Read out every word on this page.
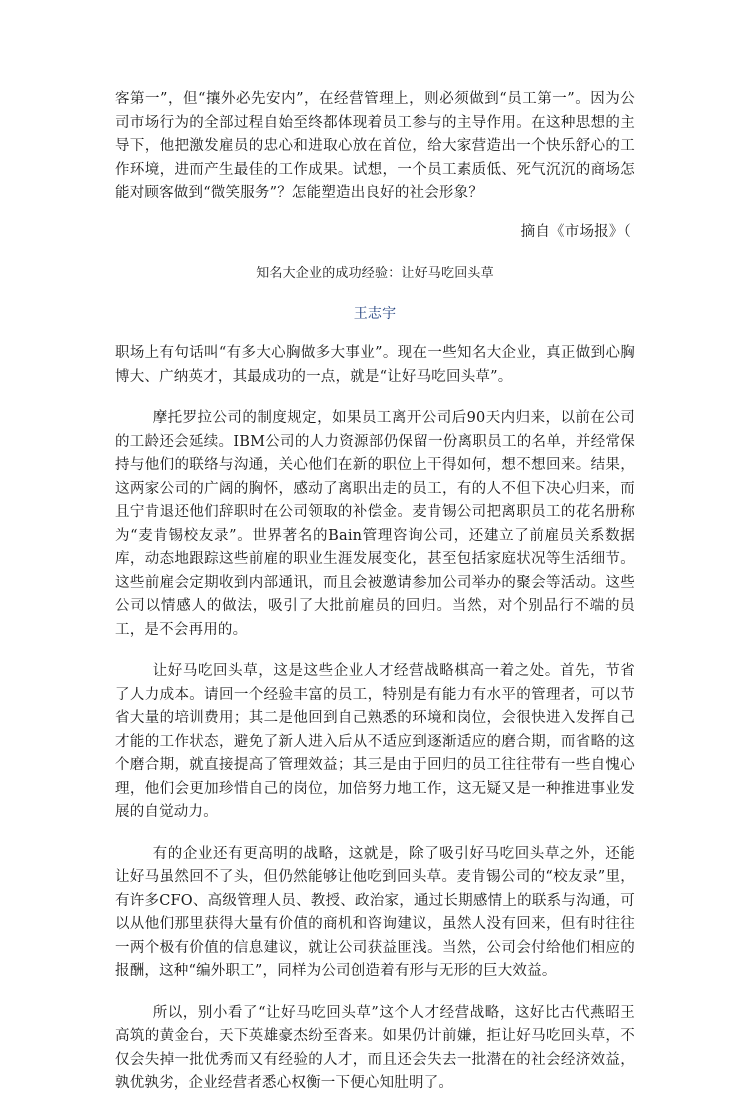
客第一”，但“攘外必先安内”，在经营管理上，则必须做到“员工第一”。因为公司市场行为的全部过程自始至终都体现着员工参与的主导作用。在这种思想的主导下，他把激发雇员的忠心和进取心放在首位，给大家营造出一个快乐舒心的工作环境，进而产生最佳的工作成果。试想，一个员工素质低、死气沉沉的商场怎能对顾客做到“微笑服务”？怎能塑造出良好的社会形象？

摘自《市场报》（

知名大企业的成功经验：让好马吃回头草

王志宇

职场上有句话叫“有多大心胸做多大事业”。现在一些知名大企业，真正做到心胸博大、广纳英才，其最成功的一点，就是“让好马吃回头草”。

摩托罗拉公司的制度规定，如果员工离开公司后90天内归来，以前在公司的工龄还会延续。IBM公司的人力资源部仍保留一份离职员工的名单，并经常保持与他们的联络与沟通，关心他们在新的职位上干得如何，想不想回来。结果，这两家公司的广阔的胸怀，感动了离职出走的员工，有的人不但下决心归来，而且宁肯退还他们辞职时在公司领取的补偿金。麦肯锡公司把离职员工的花名册称为“麦肯锡校友录”。世界著名的Bain管理咨询公司，还建立了前雇员关系数据库，动态地跟踪这些前雇的职业生涯发展变化，甚至包括家庭状况等生活细节。这些前雇会定期收到内部通讯，而且会被邀请参加公司举办的聚会等活动。这些公司以情感人的做法，吸引了大批前雇员的回归。当然，对个别品行不端的员工，是不会再用的。

让好马吃回头草，这是这些企业人才经营战略棋高一着之处。首先，节省了人力成本。请回一个经验丰富的员工，特别是有能力有水平的管理者，可以节省大量的培训费用；其二是他回到自己熟悉的环境和岗位，会很快进入发挥自己才能的工作状态，避免了新人进入后从不适应到逐渐适应的磨合期，而省略的这个磨合期，就直接提高了管理效益；其三是由于回归的员工往往带有一些自愧心理，他们会更加珍惜自己的岗位，加倍努力地工作，这无疑又是一种推进事业发展的自觉动力。

有的企业还有更高明的战略，这就是，除了吸引好马吃回头草之外，还能让好马虽然回不了头，但仍然能够让他吃到回头草。麦肯锡公司的“校友录”里，有许多CFO、高级管理人员、教授、政治家，通过长期感情上的联系与沟通，可以从他们那里获得大量有价值的商机和咨询建议，虽然人没有回来，但有时往往一两个极有价值的信息建议，就让公司获益匪浅。当然，公司会付给他们相应的报酬，这种“编外职工”，同样为公司创造着有形与无形的巨大效益。

所以，别小看了“让好马吃回头草”这个人才经营战略，这好比古代燕昭王高筑的黄金台，天下英雄豪杰纷至沓来。如果仍计前嫌，拒让好马吃回头草，不仅会失掉一批优秀而又有经验的人才，而且还会失去一批潜在的社会经济效益，孰优孰劣，企业经营者悉心权衡一下便心知肚明了。
